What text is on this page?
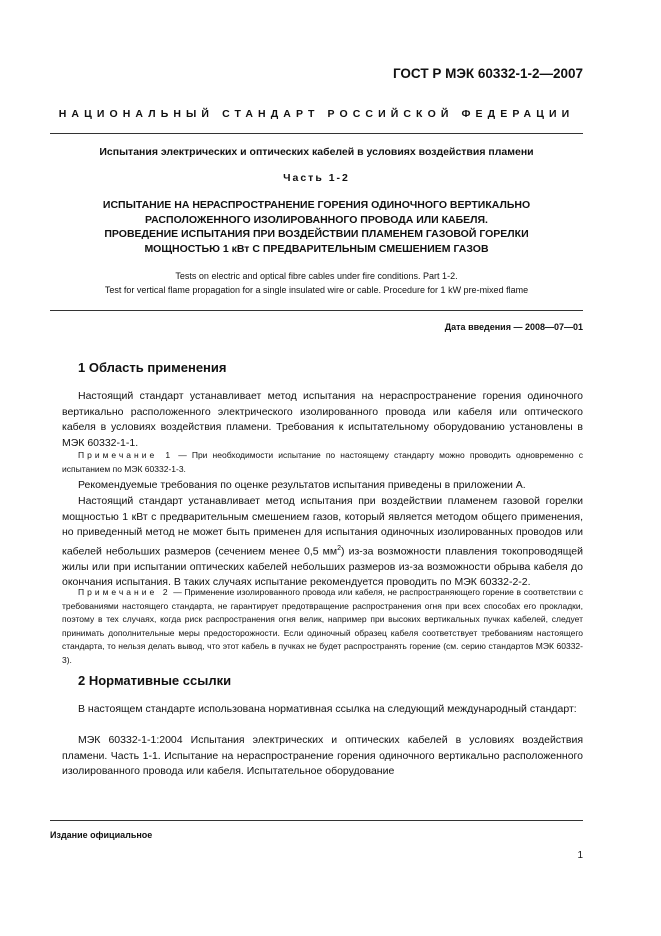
ГОСТ Р МЭК 60332-1-2—2007
НАЦИОНАЛЬНЫЙ СТАНДАРТ РОССИЙСКОЙ ФЕДЕРАЦИИ
Испытания электрических и оптических кабелей в условиях воздействия пламени
Часть 1-2
ИСПЫТАНИЕ НА НЕРАСПРОСТРАНЕНИЕ ГОРЕНИЯ ОДИНОЧНОГО ВЕРТИКАЛЬНО
РАСПОЛОЖЕННОГО ИЗОЛИРОВАННОГО ПРОВОДА ИЛИ КАБЕЛЯ.
ПРОВЕДЕНИЕ ИСПЫТАНИЯ ПРИ ВОЗДЕЙСТВИИ ПЛАМЕНЕМ ГАЗОВОЙ ГОРЕЛКИ
МОЩНОСТЬЮ 1 кВт С ПРЕДВАРИТЕЛЬНЫМ СМЕШЕНИЕМ ГАЗОВ
Tests on electric and optical fibre cables under fire conditions. Part 1-2.
Test for vertical flame propagation for a single insulated wire or cable. Procedure for 1 kW pre-mixed flame
Дата введения — 2008—07—01
1 Область применения
Настоящий стандарт устанавливает метод испытания на нераспространение горения одиночного вертикально расположенного электрического изолированного провода или кабеля или оптического кабеля в условиях воздействия пламени. Требования к испытательному оборудованию установлены в МЭК 60332-1-1.
Примечание 1 — При необходимости испытание по настоящему стандарту можно проводить одновременно с испытанием по МЭК 60332-1-3.
Рекомендуемые требования по оценке результатов испытания приведены в приложении А.
Настоящий стандарт устанавливает метод испытания при воздействии пламенем газовой горелки мощностью 1 кВт с предварительным смешением газов, который является методом общего применения, но приведенный метод не может быть применен для испытания одиночных изолированных проводов или кабелей небольших размеров (сечением менее 0,5 $мм^2$) из-за возможности плавления токопроводящей жилы или при испытании оптических кабелей небольших размеров из-за возможности обрыва кабеля до окончания испытания. В таких случаях испытание рекомендуется проводить по МЭК 60332-2-2.
Примечание 2 — Применение изолированного провода или кабеля, не распространяющего горение в соответствии с требованиями настоящего стандарта, не гарантирует предотвращение распространения огня при всех способах его прокладки, поэтому в тех случаях, когда риск распространения огня велик, например при высоких вертикальных пучках кабелей, следует принимать дополнительные меры предосторожности. Если одиночный образец кабеля соответствует требованиям настоящего стандарта, то нельзя делать вывод, что этот кабель в пучках не будет распространять горение (см. серию стандартов МЭК 60332-3).
2 Нормативные ссылки
В настоящем стандарте использована нормативная ссылка на следующий международный стандарт:
МЭК 60332-1-1:2004 Испытания электрических и оптических кабелей в условиях воздействия пламени. Часть 1-1. Испытание на нераспространение горения одиночного вертикально расположенного изолированного провода или кабеля. Испытательное оборудование
Издание официальное
1
